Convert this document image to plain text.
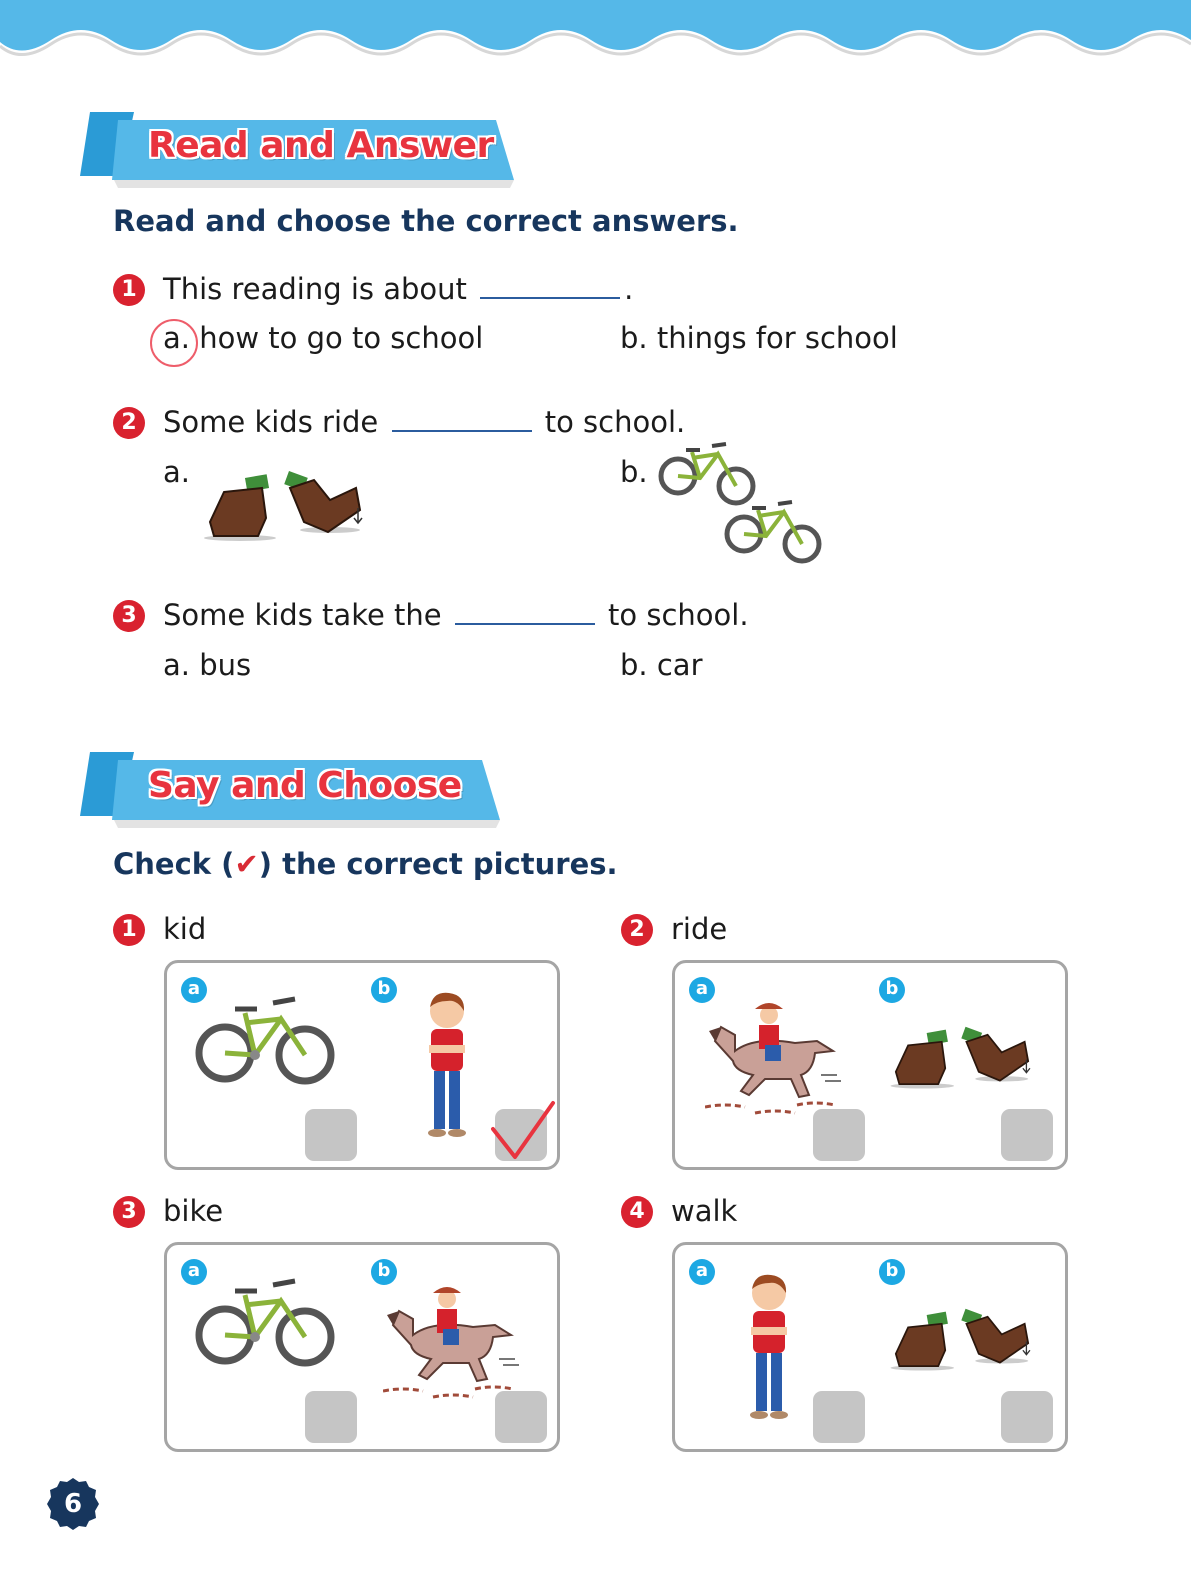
Read and Answer
Read and choose the correct answers.
1 This reading is about	.
a. how to go to school	b. things for school
2 Some kids ride	to school.
a.	b.
3 Some kids take the	to school.
a. bus	b. car
Say and Choose
Check (✔) the correct pictures.
1 kid	2 ride
3 bike	4 walk
a	b	a	b
a	b	a	b
6
